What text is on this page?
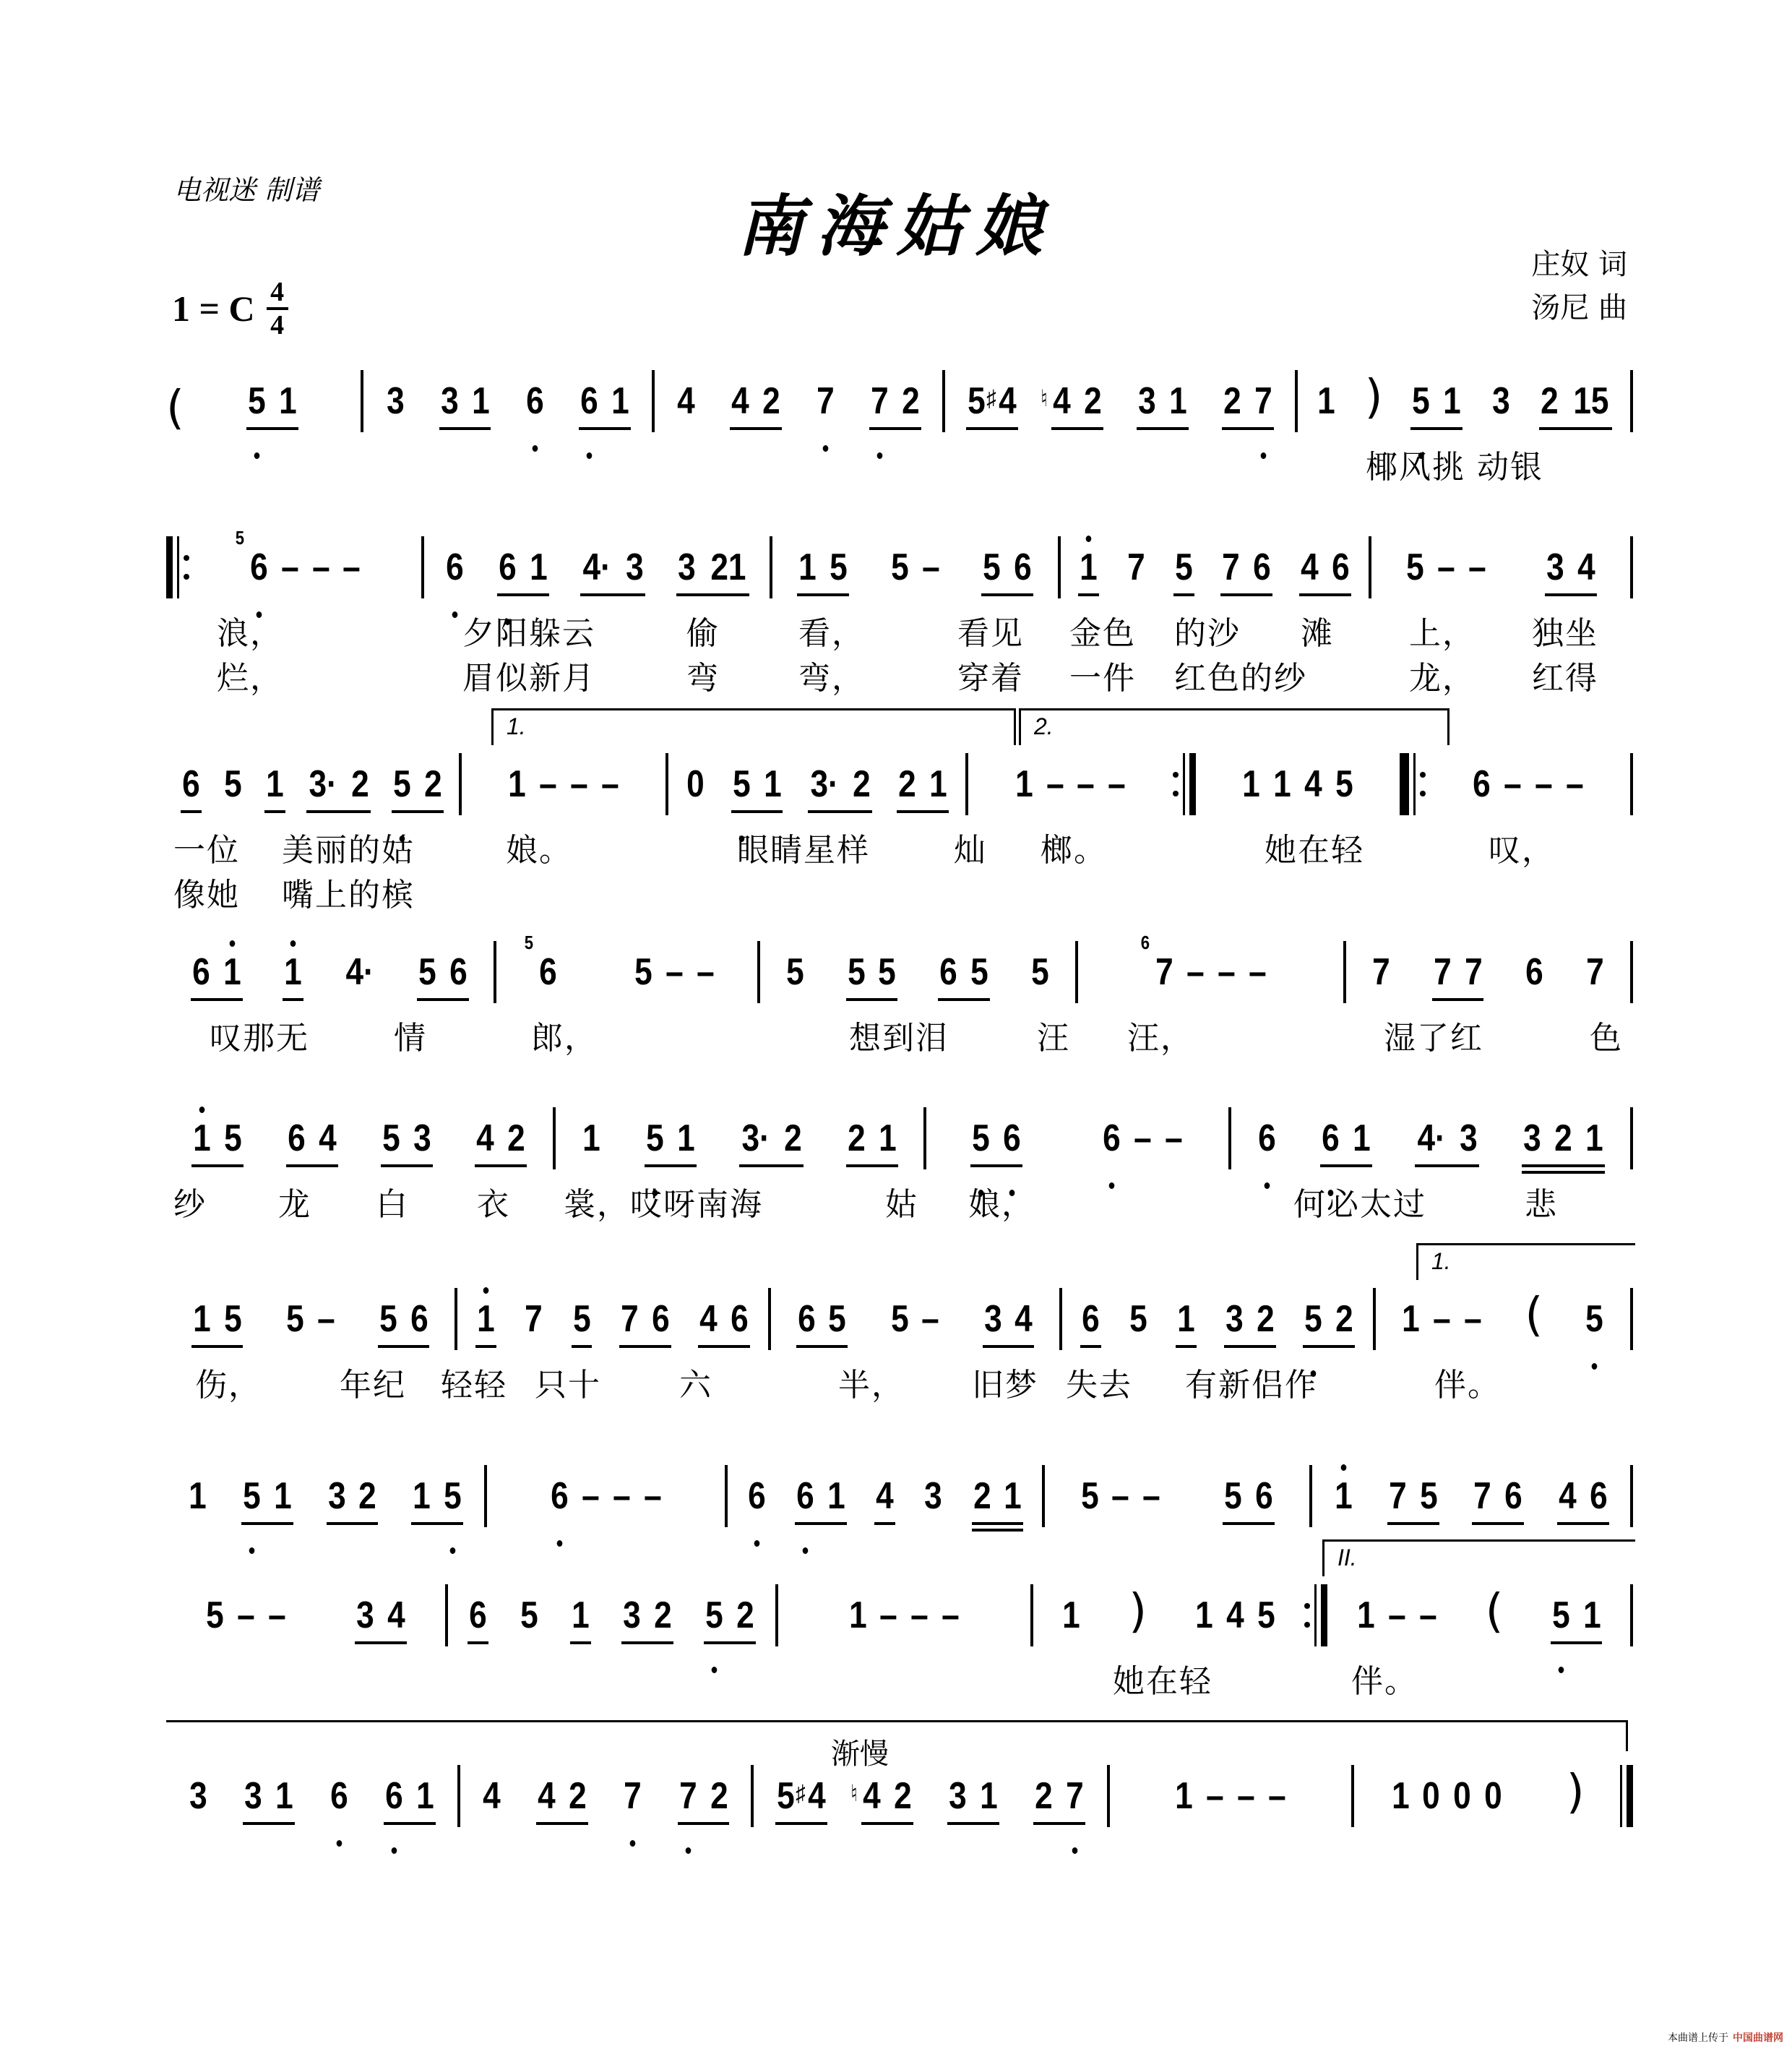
电视迷 制谱	南海姑娘	庄奴 词
汤尼 曲
1 = C $\frac{4}{4}$
( 5 1 3 3 1 6 6 1 4 4 2 7 7 2 5 4
♯ 4
♮ 2 3 1 2 7 1 ) 5 1 3 2 15
椰风挑 动银
6
5
– – – 6 6 1 4· 3 3 21 1 5 5 – 5 6 1 7 5 7 6 4 6 5 – – 3 4
浪，	夕阳躲云	偷 看，	看见 金色 的沙 滩 上， 独坐
烂，	眉似新月	弯 弯，	穿着 一件 红色的纱	龙， 红得
6 5 1 3· 2 5 2 1 – – – 0 5 1 3· 2 2 1 1 – – –	1 1 4 5	6 – – –
一位 美丽的姑	娘。	眼睛星样	灿 榔。	她在轻	叹，
像她 嘴上的槟
6 1 1 4· 5 6 6
5
5 – – 5 5 5 6 5 5	7
6
– – –	7 7 7 6 7
叹那无	情	郎，	想到泪	汪 汪，	湿了红	色
1 5 6 4 5 3 4 2 1 5 1 3· 2 2 1 5 6 6 – – 6 6 1 4· 3 3 2 1
纱 龙 白 衣 裳，哎呀南海	姑 娘，	何必太过	悲
1 5 5 – 5 6 1 7 5 7 6 4 6 6 5 5 – 3 4 6 5 1 3 2 5 2 1 – – ( 5
伤， 年纪 轻轻 只十 六	半， 旧梦 失去 有新侣作	伴。
1 5 1 3 2 1 5 6 – – – 6 6 1 4 3 2 1 5 – – 5 6 1 7 5 7 6 4 6
5 – – 3 4 6 5 1 3 2 5 2	1 – – –	1 ) 1 4 5 1 – – ( 5 1
她在轻	伴。
3 3 1 6 6 1 4 4 2 7 7 2 5 4
♯ 4
♮ 2 3 1 2 7 1 – – –	1 0 0 0 )
本曲谱上传于 中国曲谱网
1.	2.
1.
II.
渐慢
